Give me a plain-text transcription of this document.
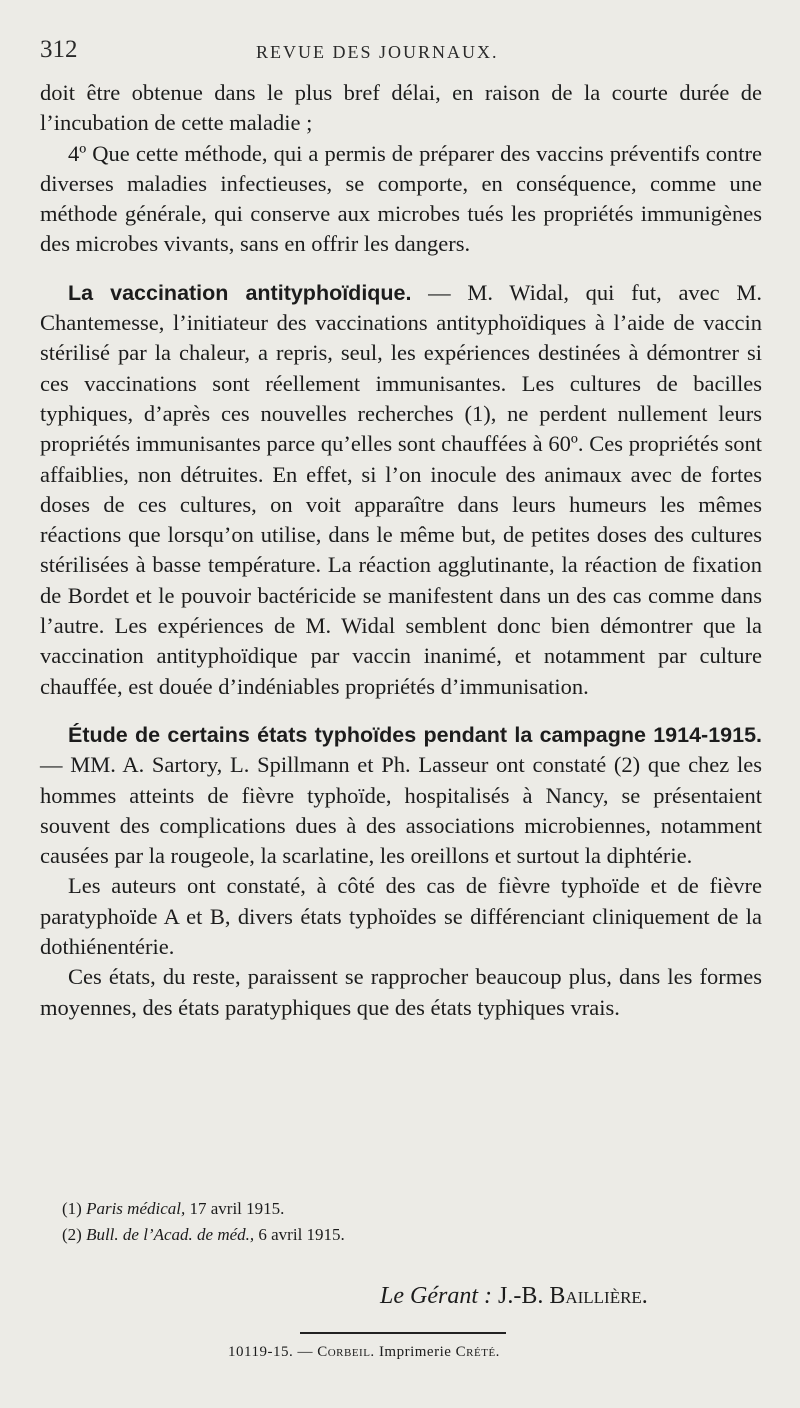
312	REVUE DES JOURNAUX.

doit être obtenue dans le plus bref délai, en raison de la courte durée de l’incubation de cette maladie ;

4º Que cette méthode, qui a permis de préparer des vaccins préventifs contre diverses maladies infectieuses, se comporte, en conséquence, comme une méthode générale, qui conserve aux microbes tués les propriétés immunigènes des microbes vivants, sans en offrir les dangers.

La vaccination antityphoïdique. — M. Widal, qui fut, avec M. Chantemesse, l’initiateur des vaccinations antityphoïdiques à l’aide de vaccin stérilisé par la chaleur, a repris, seul, les expériences destinées à démontrer si ces vaccinations sont réellement immunisantes. Les cultures de bacilles typhiques, d’après ces nouvelles recherches (1), ne perdent nullement leurs propriétés immunisantes parce qu’elles sont chauffées à 60º. Ces propriétés sont affaiblies, non détruites. En effet, si l’on inocule des animaux avec de fortes doses de ces cultures, on voit apparaître dans leurs humeurs les mêmes réactions que lorsqu’on utilise, dans le même but, de petites doses des cultures stérilisées à basse température. La réaction agglutinante, la réaction de fixation de Bordet et le pouvoir bactéricide se manifestent dans un des cas comme dans l’autre. Les expériences de M. Widal semblent donc bien démontrer que la vaccination antityphoïdique par vaccin inanimé, et notamment par culture chauffée, est douée d’indéniables propriétés d’immunisation.

Étude de certains états typhoïdes pendant la campagne 1914-1915. — MM. A. Sartory, L. Spillmann et Ph. Lasseur ont constaté (2) que chez les hommes atteints de fièvre typhoïde, hospitalisés à Nancy, se présentaient souvent des complications dues à des associations microbiennes, notamment causées par la rougeole, la scarlatine, les oreillons et surtout la diphtérie.

Les auteurs ont constaté, à côté des cas de fièvre typhoïde et de fièvre paratyphoïde A et B, divers états typhoïdes se différenciant cliniquement de la dothiénentérie.

Ces états, du reste, paraissent se rapprocher beaucoup plus, dans les formes moyennes, des états paratyphiques que des états typhiques vrais.

(1) Paris médical, 17 avril 1915.
(2) Bull. de l’Acad. de méd., 6 avril 1915.
Le Gérant : J.-B. Baillière.
10119-15. — Corbeil. Imprimerie Crété.
